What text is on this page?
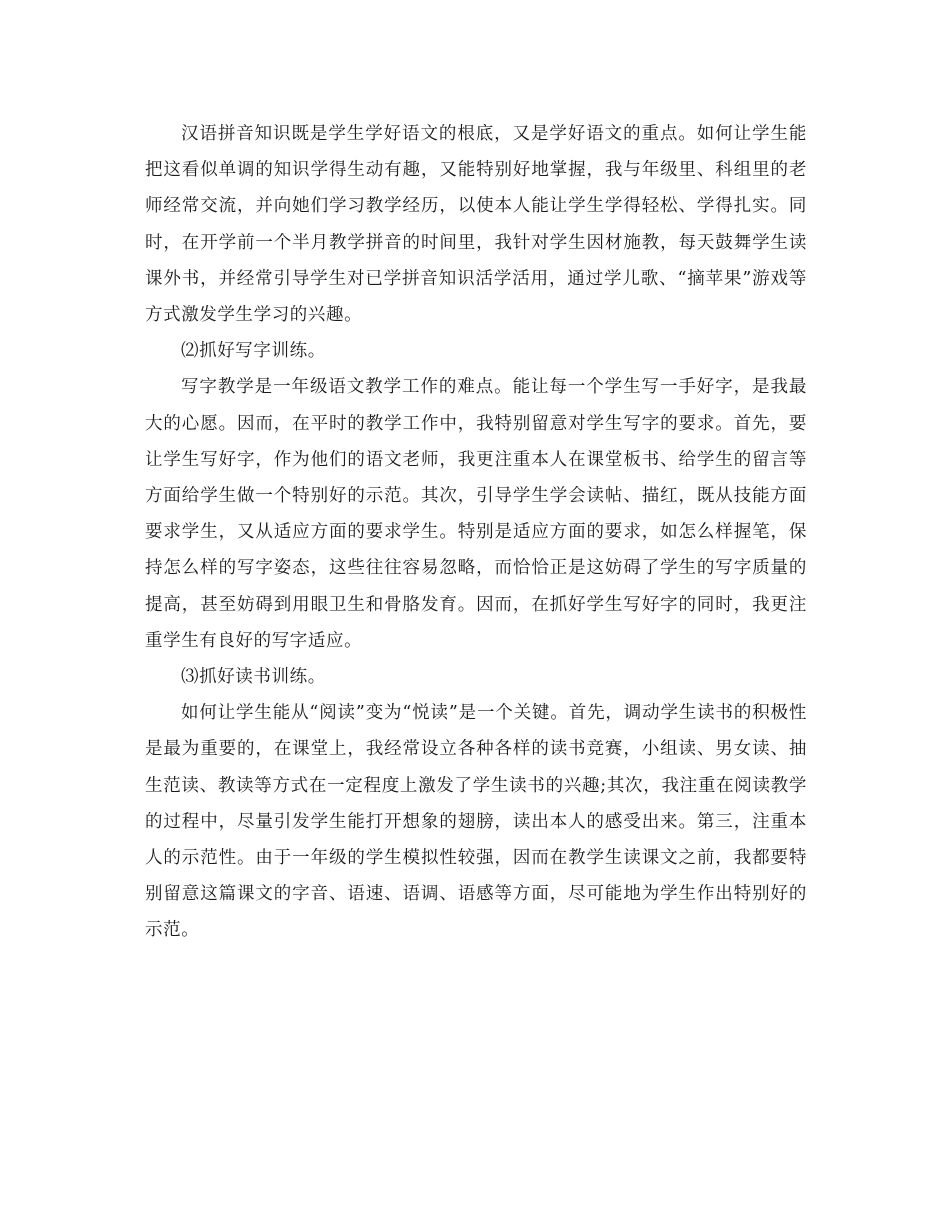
汉语拼音知识既是学生学好语文的根底，又是学好语文的重点。如何让学生能把这看似单调的知识学得生动有趣，又能特别好地掌握，我与年级里、科组里的老师经常交流，并向她们学习教学经历，以使本人能让学生学得轻松、学得扎实。同时，在开学前一个半月教学拼音的时间里，我针对学生因材施教，每天鼓舞学生读课外书，并经常引导学生对已学拼音知识活学活用，通过学儿歌、“摘苹果”游戏等方式激发学生学习的兴趣。

⑵抓好写字训练。

写字教学是一年级语文教学工作的难点。能让每一个学生写一手好字，是我最大的心愿。因而，在平时的教学工作中，我特别留意对学生写字的要求。首先，要让学生写好字，作为他们的语文老师，我更注重本人在课堂板书、给学生的留言等方面给学生做一个特别好的示范。其次，引导学生学会读帖、描红，既从技能方面要求学生，又从适应方面的要求学生。特别是适应方面的要求，如怎么样握笔，保持怎么样的写字姿态，这些往往容易忽略，而恰恰正是这妨碍了学生的写字质量的提高，甚至妨碍到用眼卫生和骨胳发育。因而，在抓好学生写好字的同时，我更注重学生有良好的写字适应。

⑶抓好读书训练。

如何让学生能从“阅读”变为“悦读”是一个关键。首先，调动学生读书的积极性是最为重要的，在课堂上，我经常设立各种各样的读书竞赛，小组读、男女读、抽生范读、教读等方式在一定程度上激发了学生读书的兴趣;其次，我注重在阅读教学的过程中，尽量引发学生能打开想象的翅膀，读出本人的感受出来。第三，注重本人的示范性。由于一年级的学生模拟性较强，因而在教学生读课文之前，我都要特别留意这篇课文的字音、语速、语调、语感等方面，尽可能地为学生作出特别好的示范。
